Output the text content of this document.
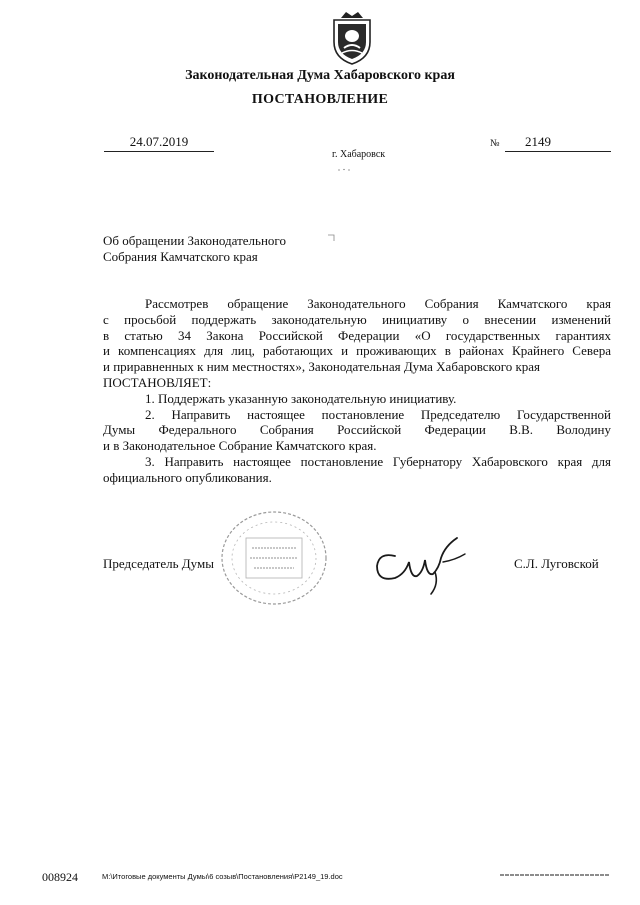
Законодательная Дума Хабаровского края
ПОСТАНОВЛЕНИЕ
24.07.2019	№	2149
г. Хабаровск
Об обращении Законодательного
Собрания Камчатского края

Рассмотрев обращение Законодательного Собрания Камчатского края

с просьбой поддержать законодательную инициативу о внесении изменений

в статью 34 Закона Российской Федерации «О государственных гарантиях

и компенсациях для лиц, работающих и проживающих в районах Крайнего Севера

и приравненных к ним местностях», Законодательная Дума Хабаровского края

ПОСТАНОВЛЯЕТ:

1. Поддержать указанную законодательную инициативу.

2. Направить настоящее постановление Председателю Государственной

Думы Федерального Собрания Российской Федерации В.В. Володину

и в Законодательное Собрание Камчатского края.

3. Направить настоящее постановление Губернатору Хабаровского края для

официального опубликования.

Председатель Думы	С.Л. Луговской
008924	M:\Итоговые документы Думы\6 созыв\Постановления\P2149_19.doc
